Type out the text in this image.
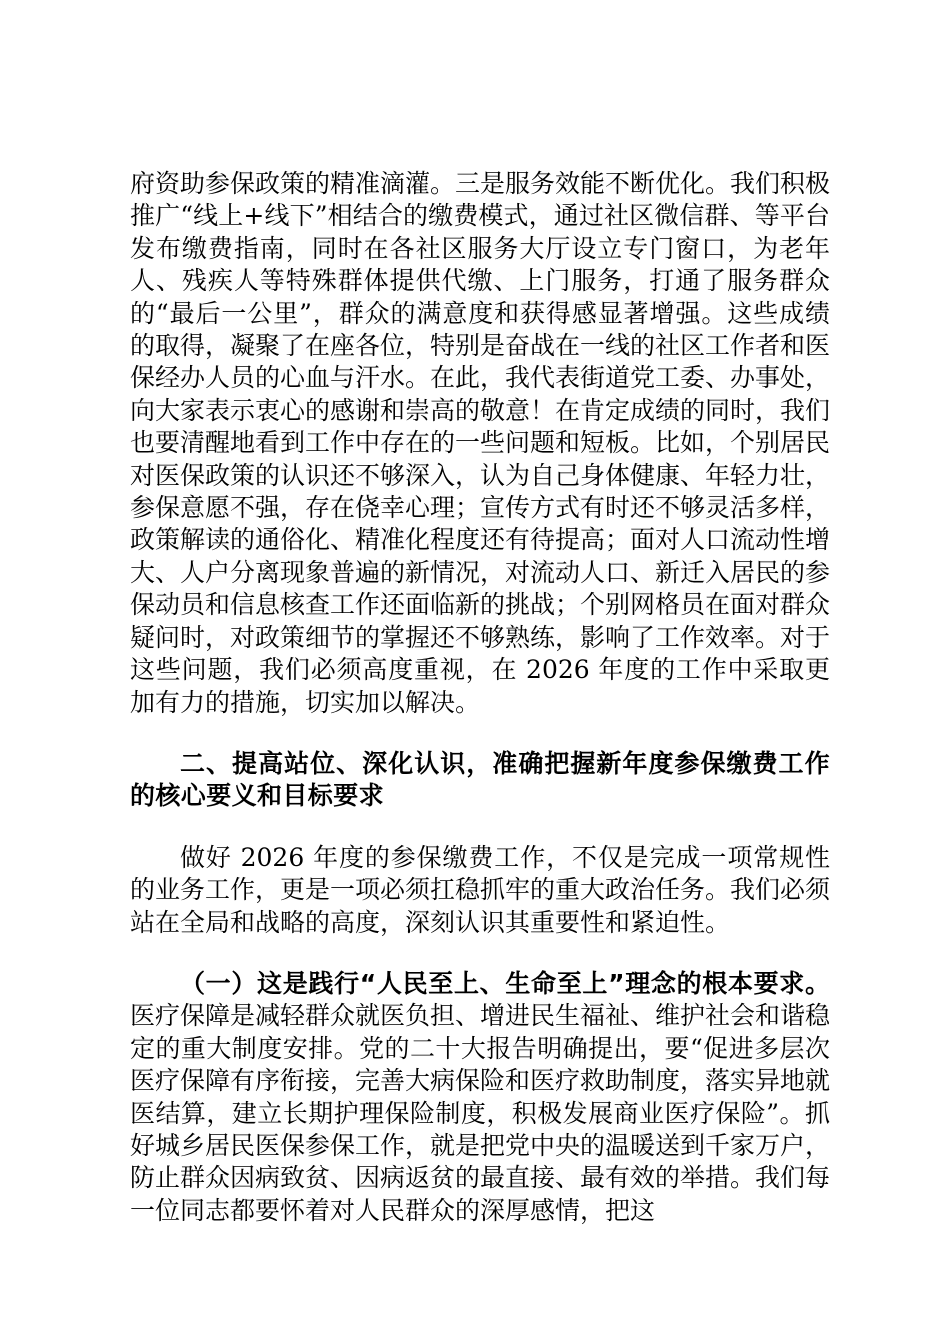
府资助参保政策的精准滴灌。三是服务效能不断优化。我们积极推广“线上+线下”相结合的缴费模式，通过社区微信群、等平台发布缴费指南，同时在各社区服务大厅设立专门窗口，为老年人、残疾人等特殊群体提供代缴、上门服务，打通了服务群众的“最后一公里”，群众的满意度和获得感显著增强。这些成绩的取得，凝聚了在座各位，特别是奋战在一线的社区工作者和医保经办人员的心血与汗水。在此，我代表街道党工委、办事处，向大家表示衷心的感谢和崇高的敬意！在肯定成绩的同时，我们也要清醒地看到工作中存在的一些问题和短板。比如，个别居民对医保政策的认识还不够深入，认为自己身体健康、年轻力壮，参保意愿不强，存在侥幸心理；宣传方式有时还不够灵活多样，政策解读的通俗化、精准化程度还有待提高；面对人口流动性增大、人户分离现象普遍的新情况，对流动人口、新迁入居民的参保动员和信息核查工作还面临新的挑战；个别网格员在面对群众疑问时，对政策细节的掌握还不够熟练，影响了工作效率。对于这些问题，我们必须高度重视，在 2026 年度的工作中采取更加有力的措施，切实加以解决。

二、提高站位、深化认识，准确把握新年度参保缴费工作的核心要义和目标要求

做好 2026 年度的参保缴费工作，不仅是完成一项常规性的业务工作，更是一项必须扛稳抓牢的重大政治任务。我们必须站在全局和战略的高度，深刻认识其重要性和紧迫性。

（一）这是践行“人民至上、生命至上”理念的根本要求。医疗保障是减轻群众就医负担、增进民生福祉、维护社会和谐稳定的重大制度安排。党的二十大报告明确提出，要“促进多层次医疗保障有序衔接，完善大病保险和医疗救助制度，落实异地就医结算，建立长期护理保险制度，积极发展商业医疗保险”。抓好城乡居民医保参保工作，就是把党中央的温暖送到千家万户，防止群众因病致贫、因病返贫的最直接、最有效的举措。我们每一位同志都要怀着对人民群众的深厚感情，把这
